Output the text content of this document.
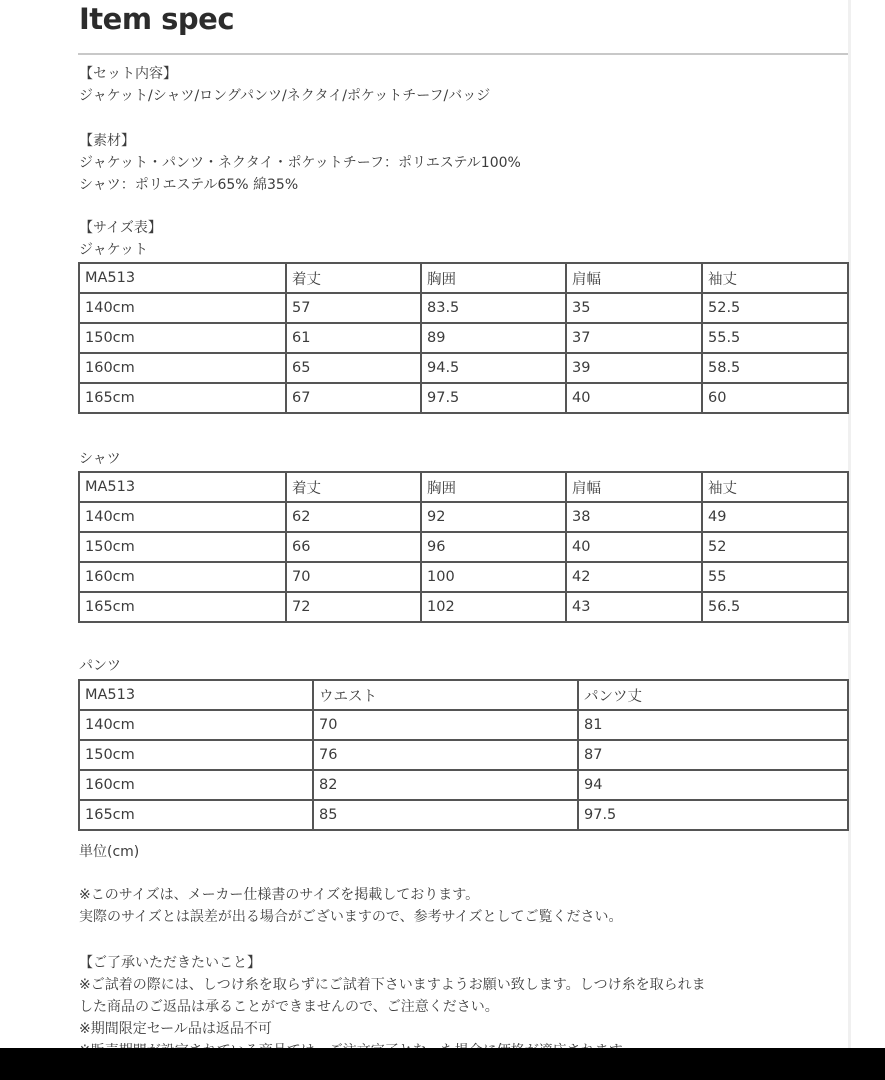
Item spec
【セット内容】
ジャケット/シャツ/ロングパンツ/ネクタイ/ポケットチーフ/バッジ
【素材】
ジャケット・パンツ・ネクタイ・ポケットチーフ：ポリエステル100%
シャツ：ポリエステル65% 綿35%
【サイズ表】
ジャケット
MA513	着丈	胸囲	肩幅	袖丈
140cm	57	83.5	35	52.5
150cm	61	89	37	55.5
160cm	65	94.5	39	58.5
165cm	67	97.5	40	60
シャツ
MA513	着丈	胸囲	肩幅	袖丈
140cm	62	92	38	49
150cm	66	96	40	52
160cm	70	100	42	55
165cm	72	102	43	56.5
パンツ
MA513	ウエスト	パンツ丈
140cm	70	81
150cm	76	87
160cm	82	94
165cm	85	97.5
単位(cm)
※このサイズは、メーカー仕様書のサイズを掲載しております。
実際のサイズとは誤差が出る場合がございますので、参考サイズとしてご覧ください。
【ご了承いただきたいこと】
※ご試着の際には、しつけ糸を取らずにご試着下さいますようお願い致します。しつけ糸を取られま
した商品のご返品は承ることができませんので、ご注意ください。
※期間限定セール品は返品不可
